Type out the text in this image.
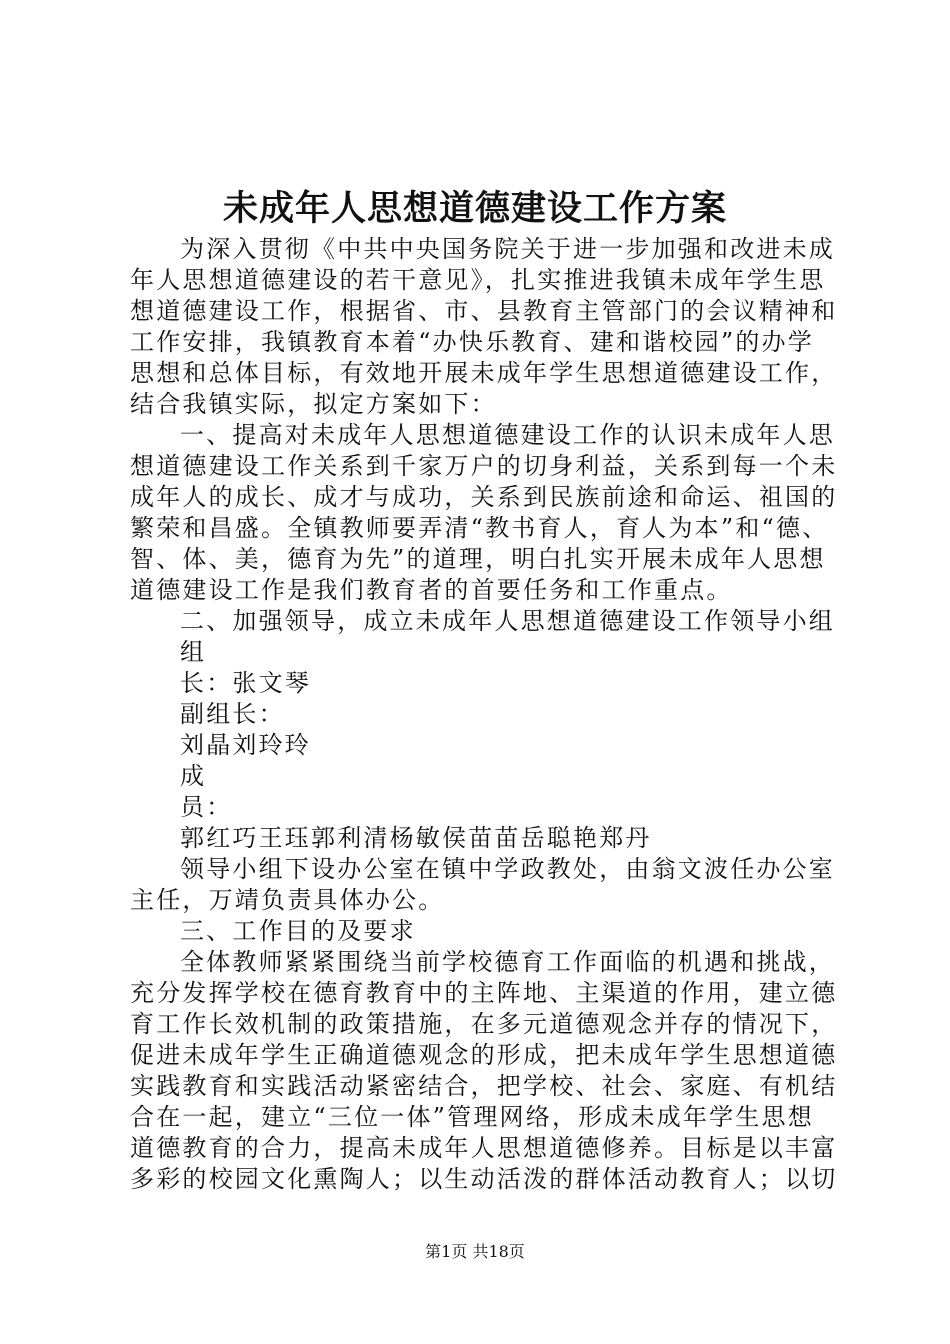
未成年人思想道德建设工作方案
为深入贯彻《中共中央国务院关于进一步加强和改进未成
年人思想道德建设的若干意见》，扎实推进我镇未成年学生思
想道德建设工作，根据省、市、县教育主管部门的会议精神和
工作安排，我镇教育本着“办快乐教育、建和谐校园”的办学
思想和总体目标，有效地开展未成年学生思想道德建设工作，
结合我镇实际，拟定方案如下：
一、提高对未成年人思想道德建设工作的认识未成年人思
想道德建设工作关系到千家万户的切身利益，关系到每一个未
成年人的成长、成才与成功，关系到民族前途和命运、祖国的
繁荣和昌盛。全镇教师要弄清“教书育人，育人为本”和“德、
智、体、美，德育为先”的道理，明白扎实开展未成年人思想
道德建设工作是我们教育者的首要任务和工作重点。
二、加强领导，成立未成年人思想道德建设工作领导小组
组
长：张文琴
副组长：
刘晶刘玲玲
成
员：
郭红巧王珏郭利清杨敏侯苗苗岳聪艳郑丹
领导小组下设办公室在镇中学政教处，由翁文波任办公室
主任，万靖负责具体办公。
三、工作目的及要求
全体教师紧紧围绕当前学校德育工作面临的机遇和挑战，
充分发挥学校在德育教育中的主阵地、主渠道的作用，建立德
育工作长效机制的政策措施，在多元道德观念并存的情况下，
促进未成年学生正确道德观念的形成，把未成年学生思想道德
实践教育和实践活动紧密结合，把学校、社会、家庭、有机结
合在一起，建立“三位一体”管理网络，形成未成年学生思想
道德教育的合力，提高未成年人思想道德修养。目标是以丰富
多彩的校园文化熏陶人；以生动活泼的群体活动教育人；以切
第1页 共18页
